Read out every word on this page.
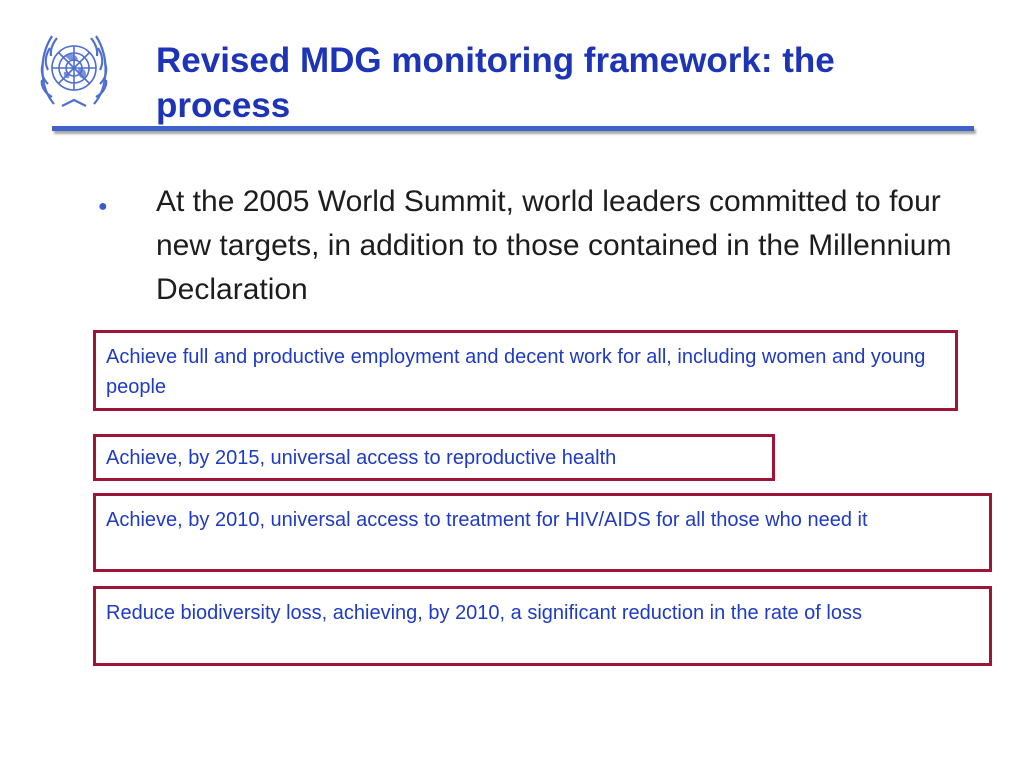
Revised MDG monitoring framework: the process
● At the 2005 World Summit, world leaders committed to four new targets, in addition to those contained in the Millennium Declaration

Achieve full and productive employment and decent work for all, including women and young people
Achieve, by 2015, universal access to reproductive health
Achieve, by 2010, universal access to treatment for HIV/AIDS for all those who need it
Reduce biodiversity loss, achieving, by 2010, a significant reduction in the rate of loss
